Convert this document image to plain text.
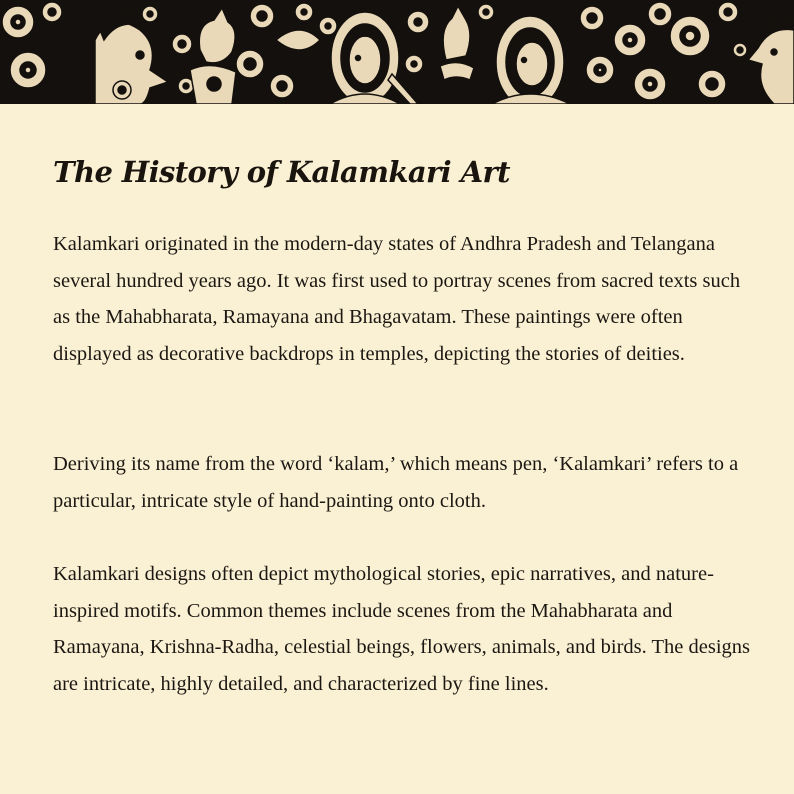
The History of Kalamkari Art

Kalamkari originated in the modern-day states of Andhra Pradesh and Telangana several hundred years ago. It was first used to portray scenes from sacred texts such as the Mahabharata, Ramayana and Bhagavatam. These paintings were often displayed as decorative backdrops in temples, depicting the stories of deities.

Deriving its name from the word ‘kalam,’ which means pen, ‘Kalamkari’ refers to a particular, intricate style of hand-painting onto cloth.

Kalamkari designs often depict mythological stories, epic narratives, and nature-inspired motifs. Common themes include scenes from the Mahabharata and Ramayana, Krishna-Radha, celestial beings, flowers, animals, and birds. The designs are intricate, highly detailed, and characterized by fine lines.
